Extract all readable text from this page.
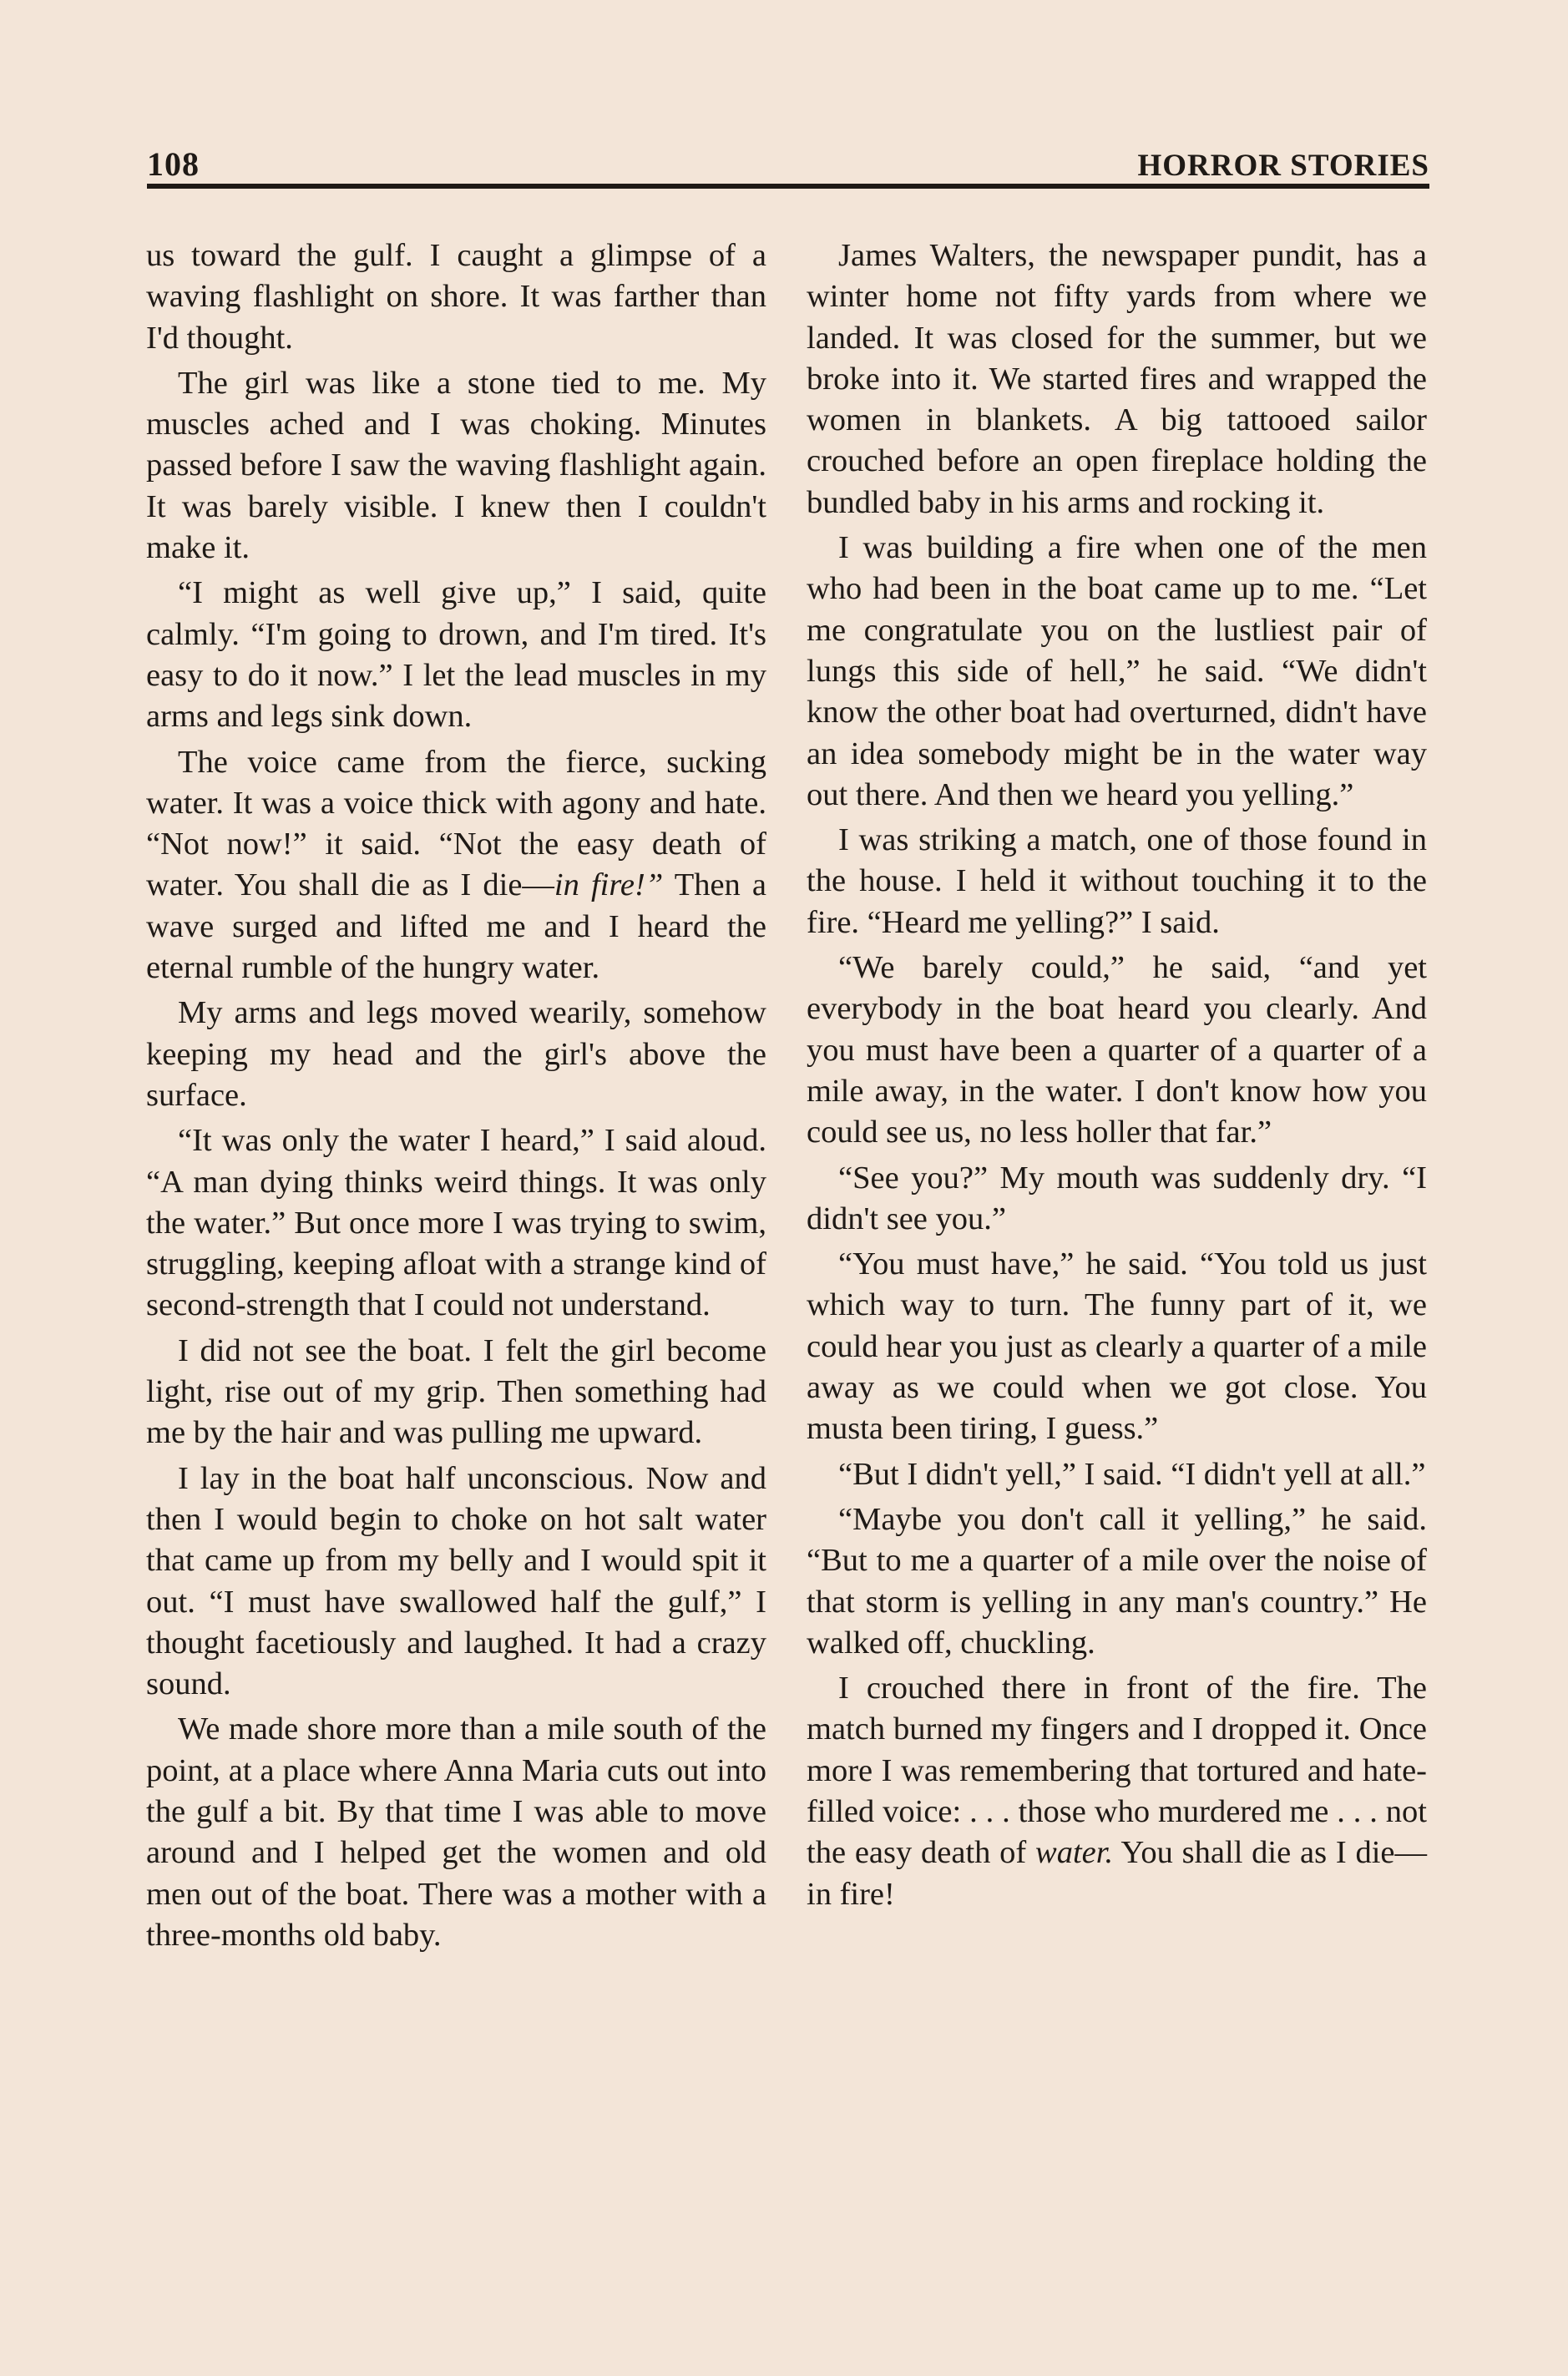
108	HORROR STORIES

us toward the gulf. I caught a glimpse of a waving flashlight on shore. It was farther than I'd thought.

The girl was like a stone tied to me. My muscles ached and I was choking. Minutes passed before I saw the waving flashlight again. It was barely visible. I knew then I couldn't make it.

“I might as well give up,” I said, quite calmly. “I'm going to drown, and I'm tired. It's easy to do it now.” I let the lead muscles in my arms and legs sink down.

The voice came from the fierce, sucking water. It was a voice thick with agony and hate. “Not now!” it said. “Not the easy death of water. You shall die as I die—in fire!” Then a wave surged and lifted me and I heard the eternal rumble of the hungry water.

My arms and legs moved wearily, somehow keeping my head and the girl's above the surface.

“It was only the water I heard,” I said aloud. “A man dying thinks weird things. It was only the water.” But once more I was trying to swim, struggling, keeping afloat with a strange kind of second-strength that I could not understand.

I did not see the boat. I felt the girl become light, rise out of my grip. Then something had me by the hair and was pulling me upward.

I lay in the boat half unconscious. Now and then I would begin to choke on hot salt water that came up from my belly and I would spit it out. “I must have swallowed half the gulf,” I thought facetiously and laughed. It had a crazy sound.

We made shore more than a mile south of the point, at a place where Anna Maria cuts out into the gulf a bit. By that time I was able to move around and I helped get the women and old men out of the boat. There was a mother with a three-months old baby.

James Walters, the newspaper pundit, has a winter home not fifty yards from where we landed. It was closed for the summer, but we broke into it. We started fires and wrapped the women in blankets. A big tattooed sailor crouched before an open fireplace holding the bundled baby in his arms and rocking it.

I was building a fire when one of the men who had been in the boat came up to me. “Let me congratulate you on the lustliest pair of lungs this side of hell,” he said. “We didn't know the other boat had overturned, didn't have an idea somebody might be in the water way out there. And then we heard you yelling.”

I was striking a match, one of those found in the house. I held it without touching it to the fire. “Heard me yelling?” I said.

“We barely could,” he said, “and yet everybody in the boat heard you clearly. And you must have been a quarter of a quarter of a mile away, in the water. I don't know how you could see us, no less holler that far.”

“See you?” My mouth was suddenly dry. “I didn't see you.”

“You must have,” he said. “You told us just which way to turn. The funny part of it, we could hear you just as clearly a quarter of a mile away as we could when we got close. You musta been tiring, I guess.”

“But I didn't yell,” I said. “I didn't yell at all.”

“Maybe you don't call it yelling,” he said. “But to me a quarter of a mile over the noise of that storm is yelling in any man's country.” He walked off, chuckling.

I crouched there in front of the fire. The match burned my fingers and I dropped it. Once more I was remembering that tortured and hate-filled voice: . . . those who murdered me . . . not the easy death of water. You shall die as I die—in fire!
